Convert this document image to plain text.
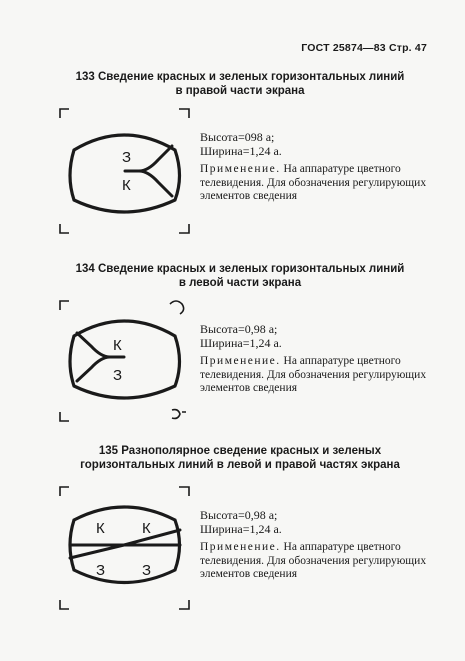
ГОСТ 25874—83 Стр. 47
133 Сведение красных и зеленых горизонтальных линий
в правой части экрана
З
К
Высота=098 a;
Ширина=1,24 a.
Применение. На аппаратуре цветного телевидения. Для обозначения регулирующих элементов сведения
134 Сведение красных и зеленых горизонтальных линий
в левой части экрана
К
З
Высота=0,98 a;
Ширина=1,24 a.
Применение. На аппаратуре цветного телевидения. Для обозначения регулирующих элементов сведения
135 Разнополярное сведение красных и зеленых
горизонтальных линий в левой и правой частях экрана
К К
З З
Высота=0,98 a;
Ширина=1,24 a.
Применение. На аппаратуре цветного телевидения. Для обозначения регулирующих элементов сведения
